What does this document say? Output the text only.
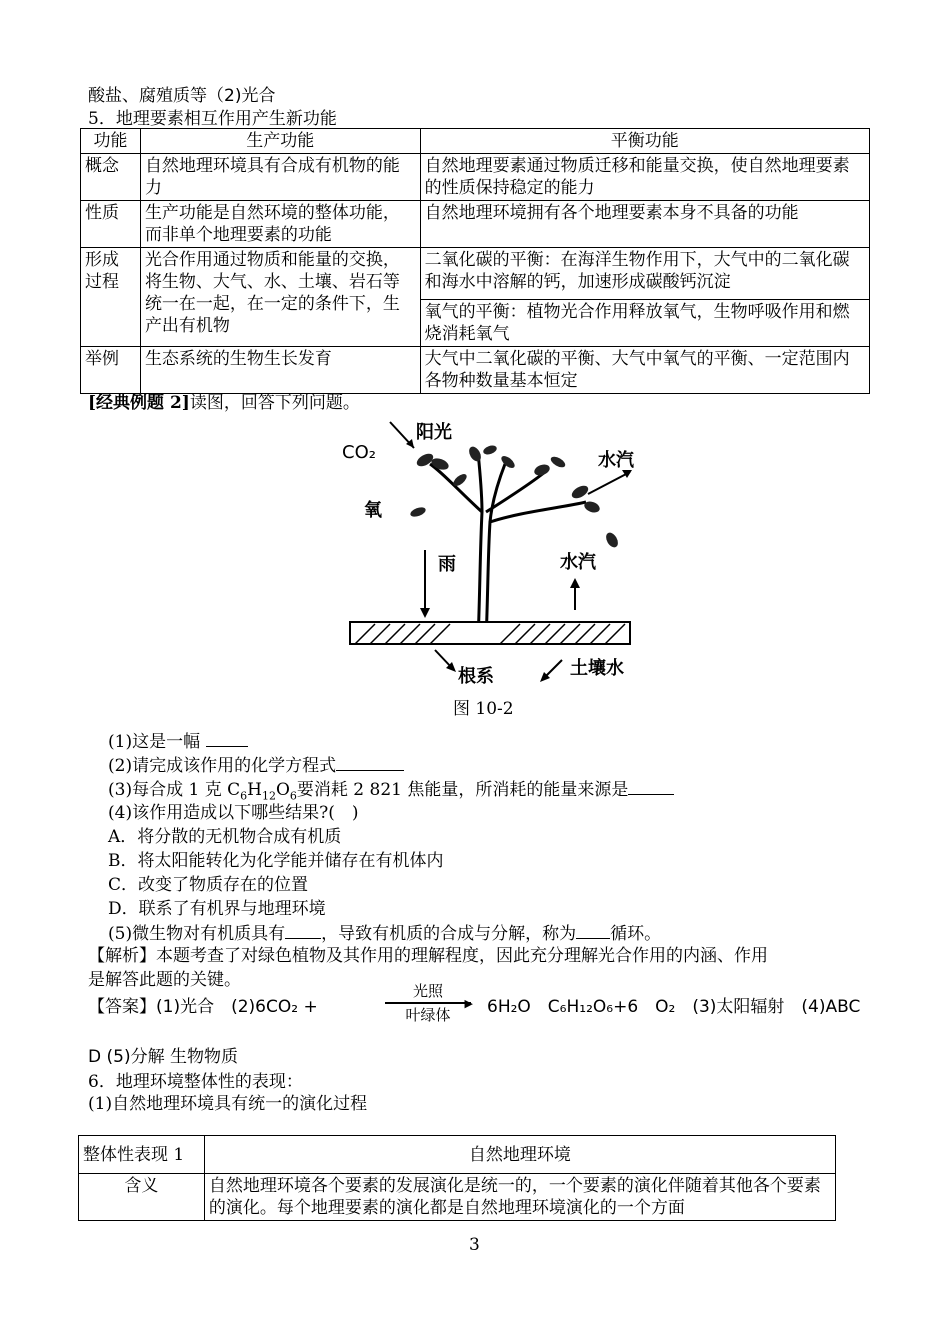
酸盐、腐殖质等（2)光合
5．地理要素相互作用产生新功能
功能	生产功能	平衡功能
概念	自然地理环境具有合成有机物的能力	自然地理要素通过物质迁移和能量交换，使自然地理要素的性质保持稳定的能力
性质	生产功能是自然环境的整体功能，而非单个地理要素的功能	自然地理环境拥有各个地理要素本身不具备的功能
形成过程	光合作用通过物质和能量的交换，将生物、大气、水、土壤、岩石等统一在一起，在一定的条件下，生产出有机物	二氧化碳的平衡：在海洋生物作用下，大气中的二氧化碳和海水中溶解的钙，加速形成碳酸钙沉淀
		氧气的平衡：植物光合作用释放氧气，生物呼吸作用和燃烧消耗氧气
举例	生态系统的生物生长发育	大气中二氧化碳的平衡、大气中氧气的平衡、一定范围内各物种数量基本恒定
[经典例题 2]读图，回答下列问题。
阳光
CO₂
氧
水汽
雨	水汽
根系	土壤水
图 10-2
(1)这是一幅
(2)请完成该作用的化学方程式
(3)每合成 1 克 $C_6H_{12}O_6$要消耗 2 821 焦能量，所消耗的能量来源是
(4)该作用造成以下哪些结果?(　)
A．将分散的无机物合成有机质
B．将太阳能转化为化学能并储存在有机体内
C．改变了物质存在的位置
D．联系了有机界与地理环境
(5)微生物对有机质具有 ，导致有机质的合成与分解，称为 循环。
【解析】本题考查了对绿色植物及其作用的理解程度，因此充分理解光合作用的内涵、作用
是解答此题的关键。
【答案】(1)光合　(2)6CO₂ +
光照
▶
叶绿体	6H₂O　C₆H₁₂O₆+6　O₂　(3)太阳辐射　(4)ABC
D (5)分解 生物物质
6．地理环境整体性的表现：
(1)自然地理环境具有统一的演化过程
整体性表现 1	自然地理环境
含义	自然地理环境各个要素的发展演化是统一的，一个要素的演化伴随着其他各个要素的演化。每个地理要素的演化都是自然地理环境演化的一个方面
3
